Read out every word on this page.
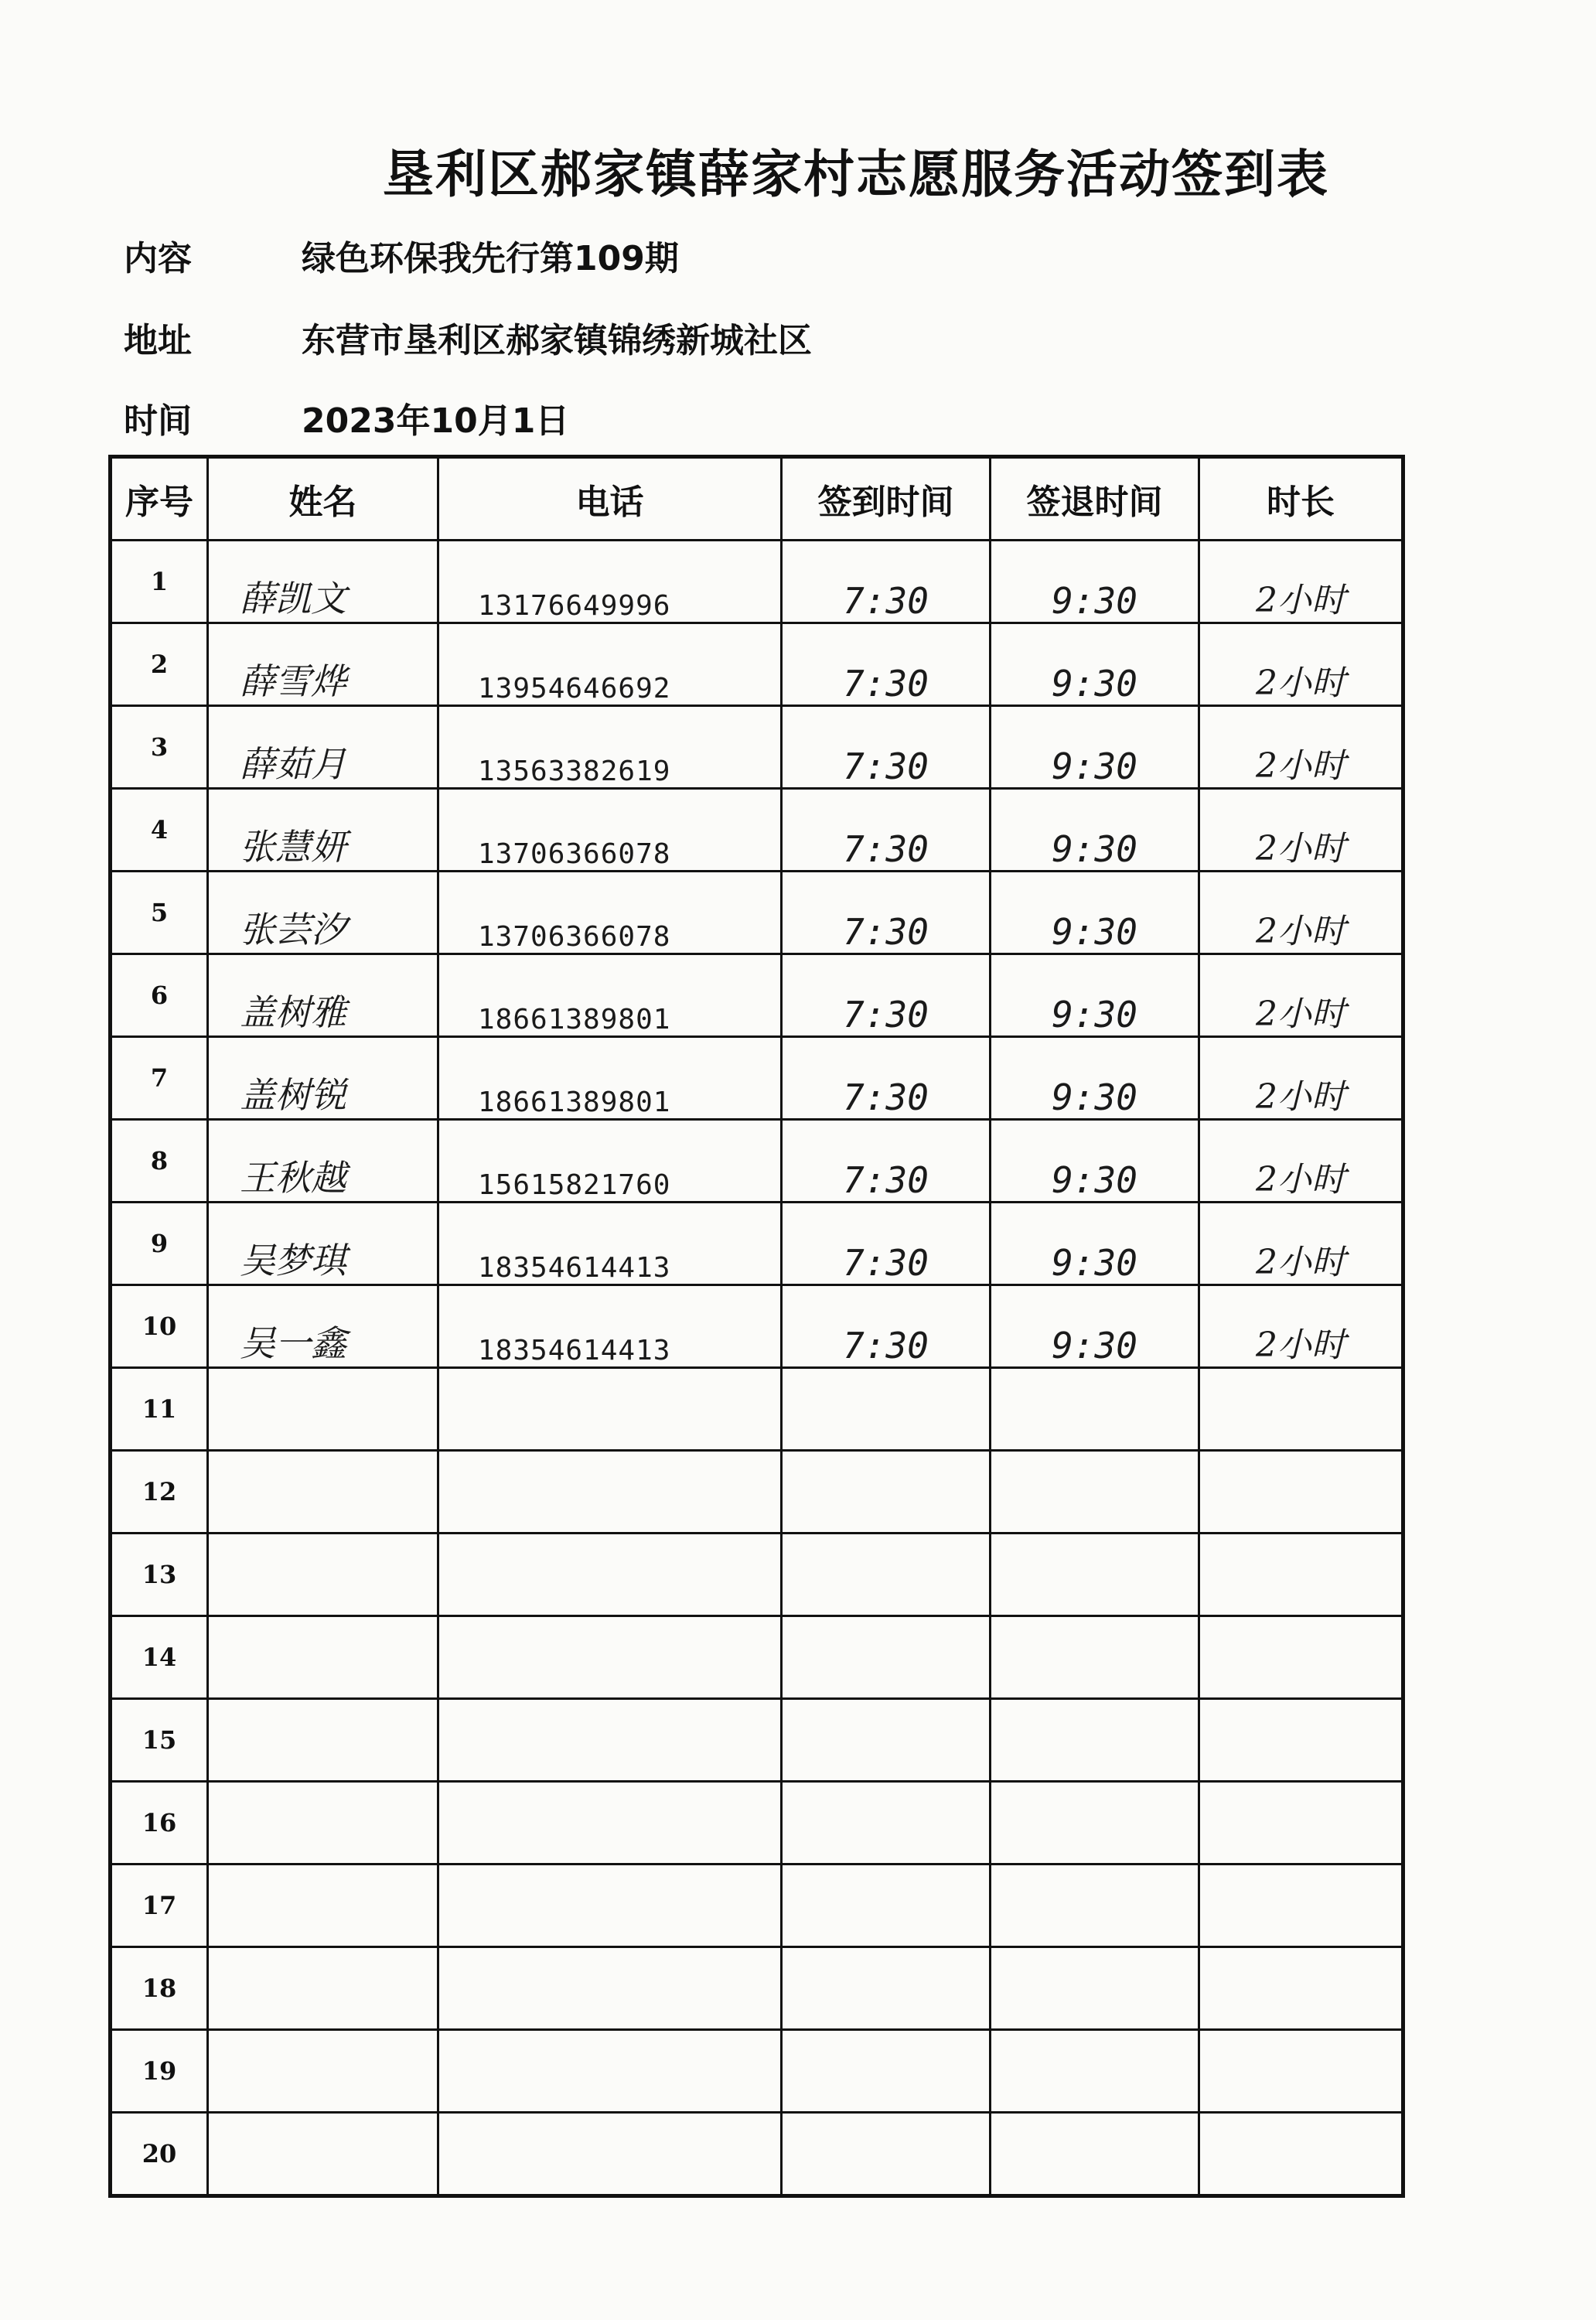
垦利区郝家镇薛家村志愿服务活动签到表
内容	绿色环保我先行第109期
地址	东营市垦利区郝家镇锦绣新城社区
时间	2023年10月1日
序号	姓名	电话	签到时间	签退时间	时长
1	薛凯文	13176649996	7:30	9:30	2小时
2	薛雪烨	13954646692	7:30	9:30	2小时
3	薛茹月	13563382619	7:30	9:30	2小时
4	张慧妍	13706366078	7:30	9:30	2小时
5	张芸汐	13706366078	7:30	9:30	2小时
6	盖树雅	18661389801	7:30	9:30	2小时
7	盖树锐	18661389801	7:30	9:30	2小时
8	王秋越	15615821760	7:30	9:30	2小时
9	吴梦琪	18354614413	7:30	9:30	2小时
10	吴一鑫	18354614413	7:30	9:30	2小时
11					
12					
13					
14					
15					
16					
17					
18					
19					
20					
